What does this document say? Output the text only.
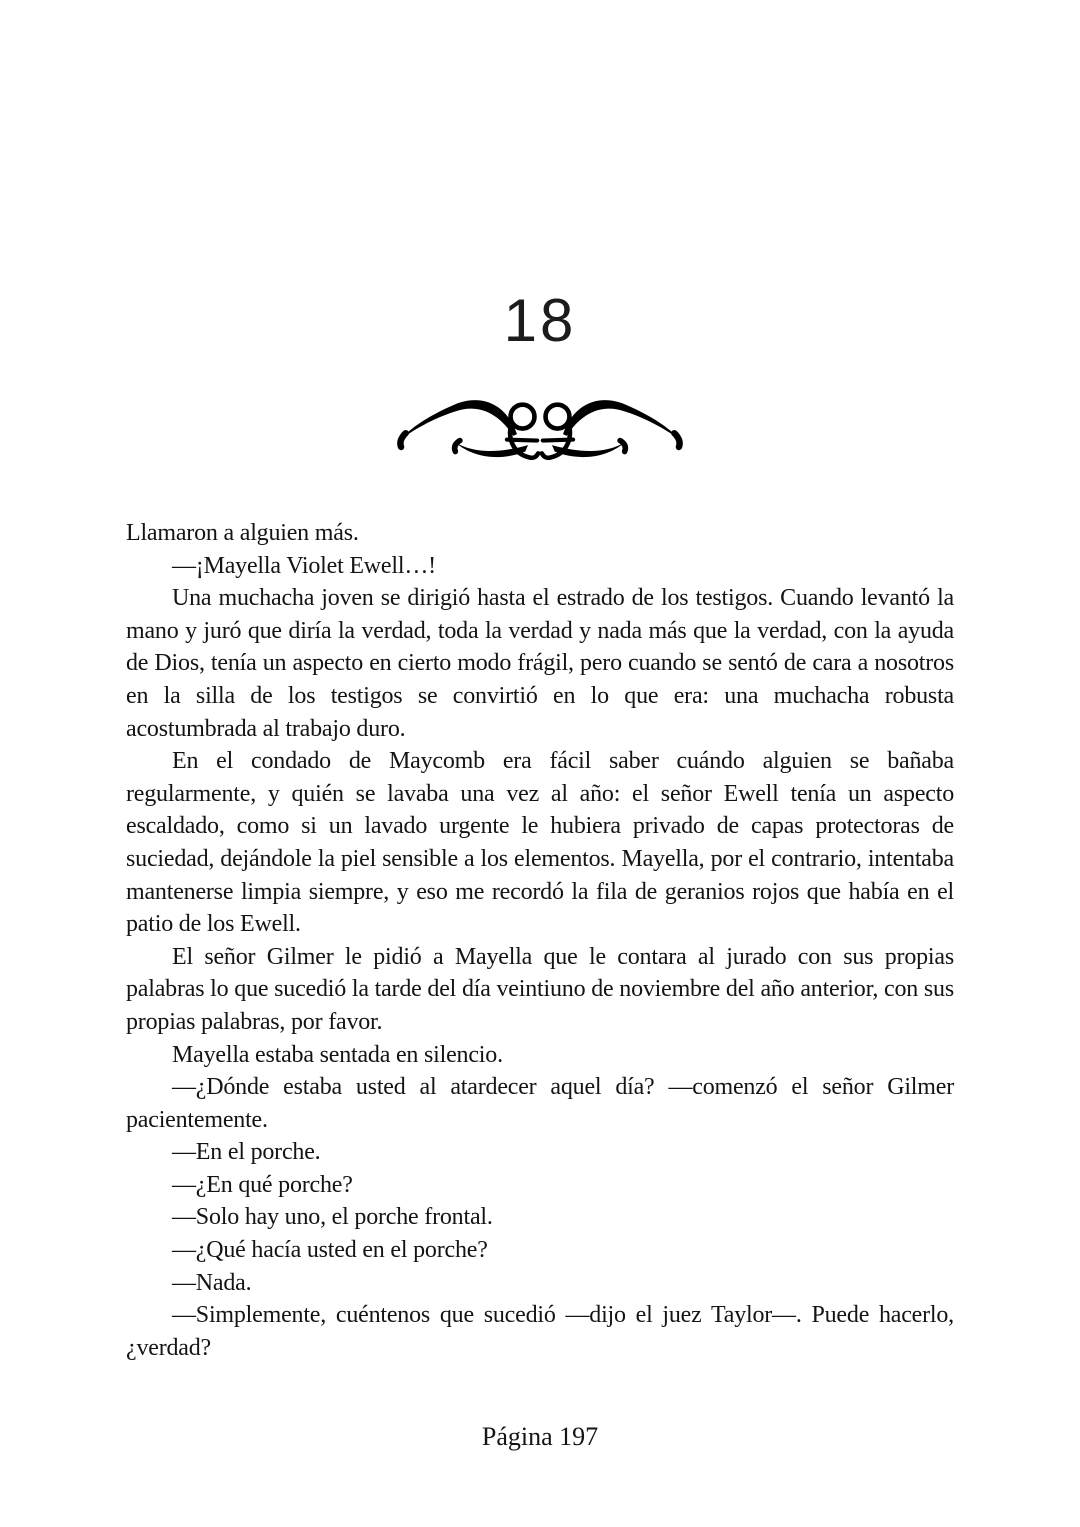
18

Llamaron a alguien más.

—¡Mayella Violet Ewell…!

Una muchacha joven se dirigió hasta el estrado de los testigos. Cuando levantó la mano y juró que diría la verdad, toda la verdad y nada más que la verdad, con la ayuda de Dios, tenía un aspecto en cierto modo frágil, pero cuando se sentó de cara a nosotros en la silla de los testigos se convirtió en lo que era: una muchacha robusta acostumbrada al trabajo duro.

En el condado de Maycomb era fácil saber cuándo alguien se bañaba regularmente, y quién se lavaba una vez al año: el señor Ewell tenía un aspecto escaldado, como si un lavado urgente le hubiera privado de capas protectoras de suciedad, dejándole la piel sensible a los elementos. Mayella, por el contrario, intentaba mantenerse limpia siempre, y eso me recordó la fila de geranios rojos que había en el patio de los Ewell.

El señor Gilmer le pidió a Mayella que le contara al jurado con sus propias palabras lo que sucedió la tarde del día veintiuno de noviembre del año anterior, con sus propias palabras, por favor.

Mayella estaba sentada en silencio.

—¿Dónde estaba usted al atardecer aquel día? —comenzó el señor Gilmer pacientemente.

—En el porche.

—¿En qué porche?

—Solo hay uno, el porche frontal.

—¿Qué hacía usted en el porche?

—Nada.

—Simplemente, cuéntenos que sucedió —dijo el juez Taylor—. Puede hacerlo, ¿verdad?

Página 197
